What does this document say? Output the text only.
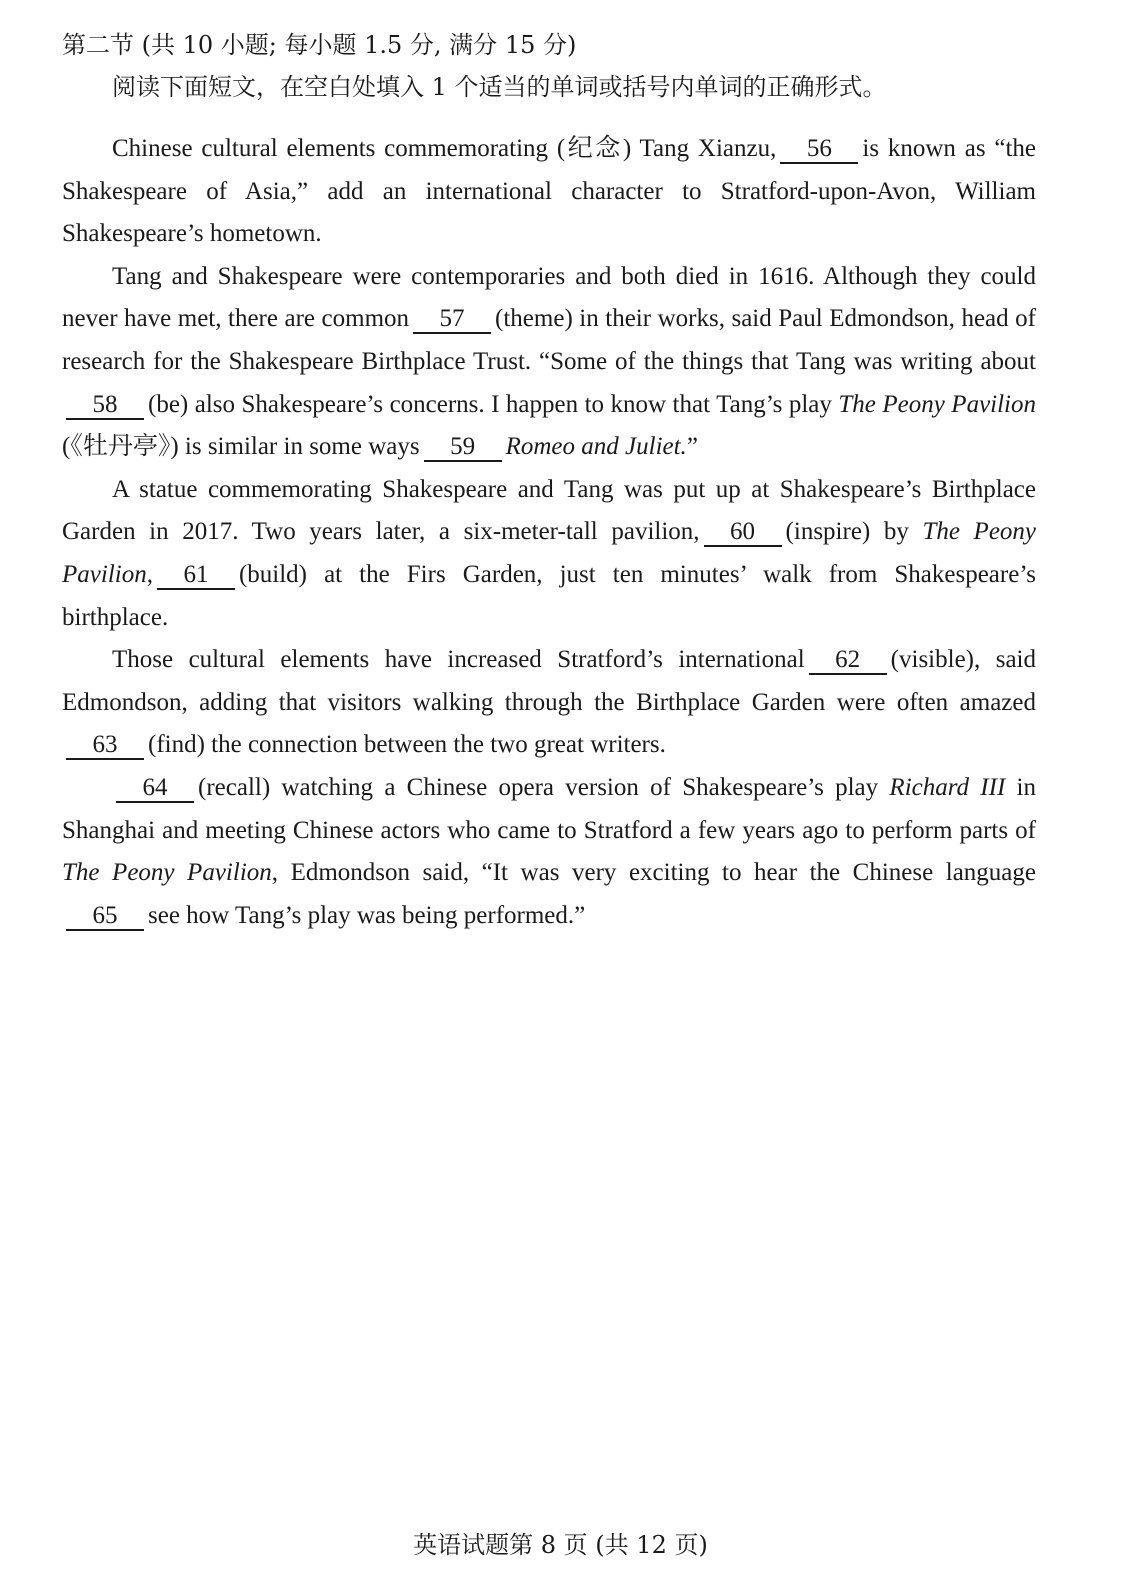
第二节 (共 10 小题; 每小题 1.5 分, 满分 15 分)
阅读下面短文，在空白处填入 1 个适当的单词或括号内单词的正确形式。

Chinese cultural elements commemorating (纪念) Tang Xianzu, 56 is known as “the Shakespeare of Asia,” add an international character to Stratford-upon-Avon, William Shakespeare’s hometown.

Tang and Shakespeare were contemporaries and both died in 1616. Although they could never have met, there are common 57 (theme) in their works, said Paul Edmondson, head of research for the Shakespeare Birthplace Trust. “Some of the things that Tang was writing about58 (be) also Shakespeare’s concerns. I happen to know that Tang’s play The Peony Pavilion (《牡丹亭》) is similar in some ways 59 Romeo and Juliet.”

A statue commemorating Shakespeare and Tang was put up at Shakespeare’s Birthplace Garden in 2017. Two years later, a six-meter-tall pavilion, 60 (inspire) by The Peony Pavilion, 61 (build) at the Firs Garden, just ten minutes’ walk from Shakespeare’s birthplace.

Those cultural elements have increased Stratford’s international 62 (visible), said Edmondson, adding that visitors walking through the Birthplace Garden were often amazed 63 (find) the connection between the two great writers.

64 (recall) watching a Chinese opera version of Shakespeare’s play Richard III in Shanghai and meeting Chinese actors who came to Stratford a few years ago to perform parts of The Peony Pavilion, Edmondson said, “It was very exciting to hear the Chinese language 65 see how Tang’s play was being performed.”

英语试题第 8 页 (共 12 页)
